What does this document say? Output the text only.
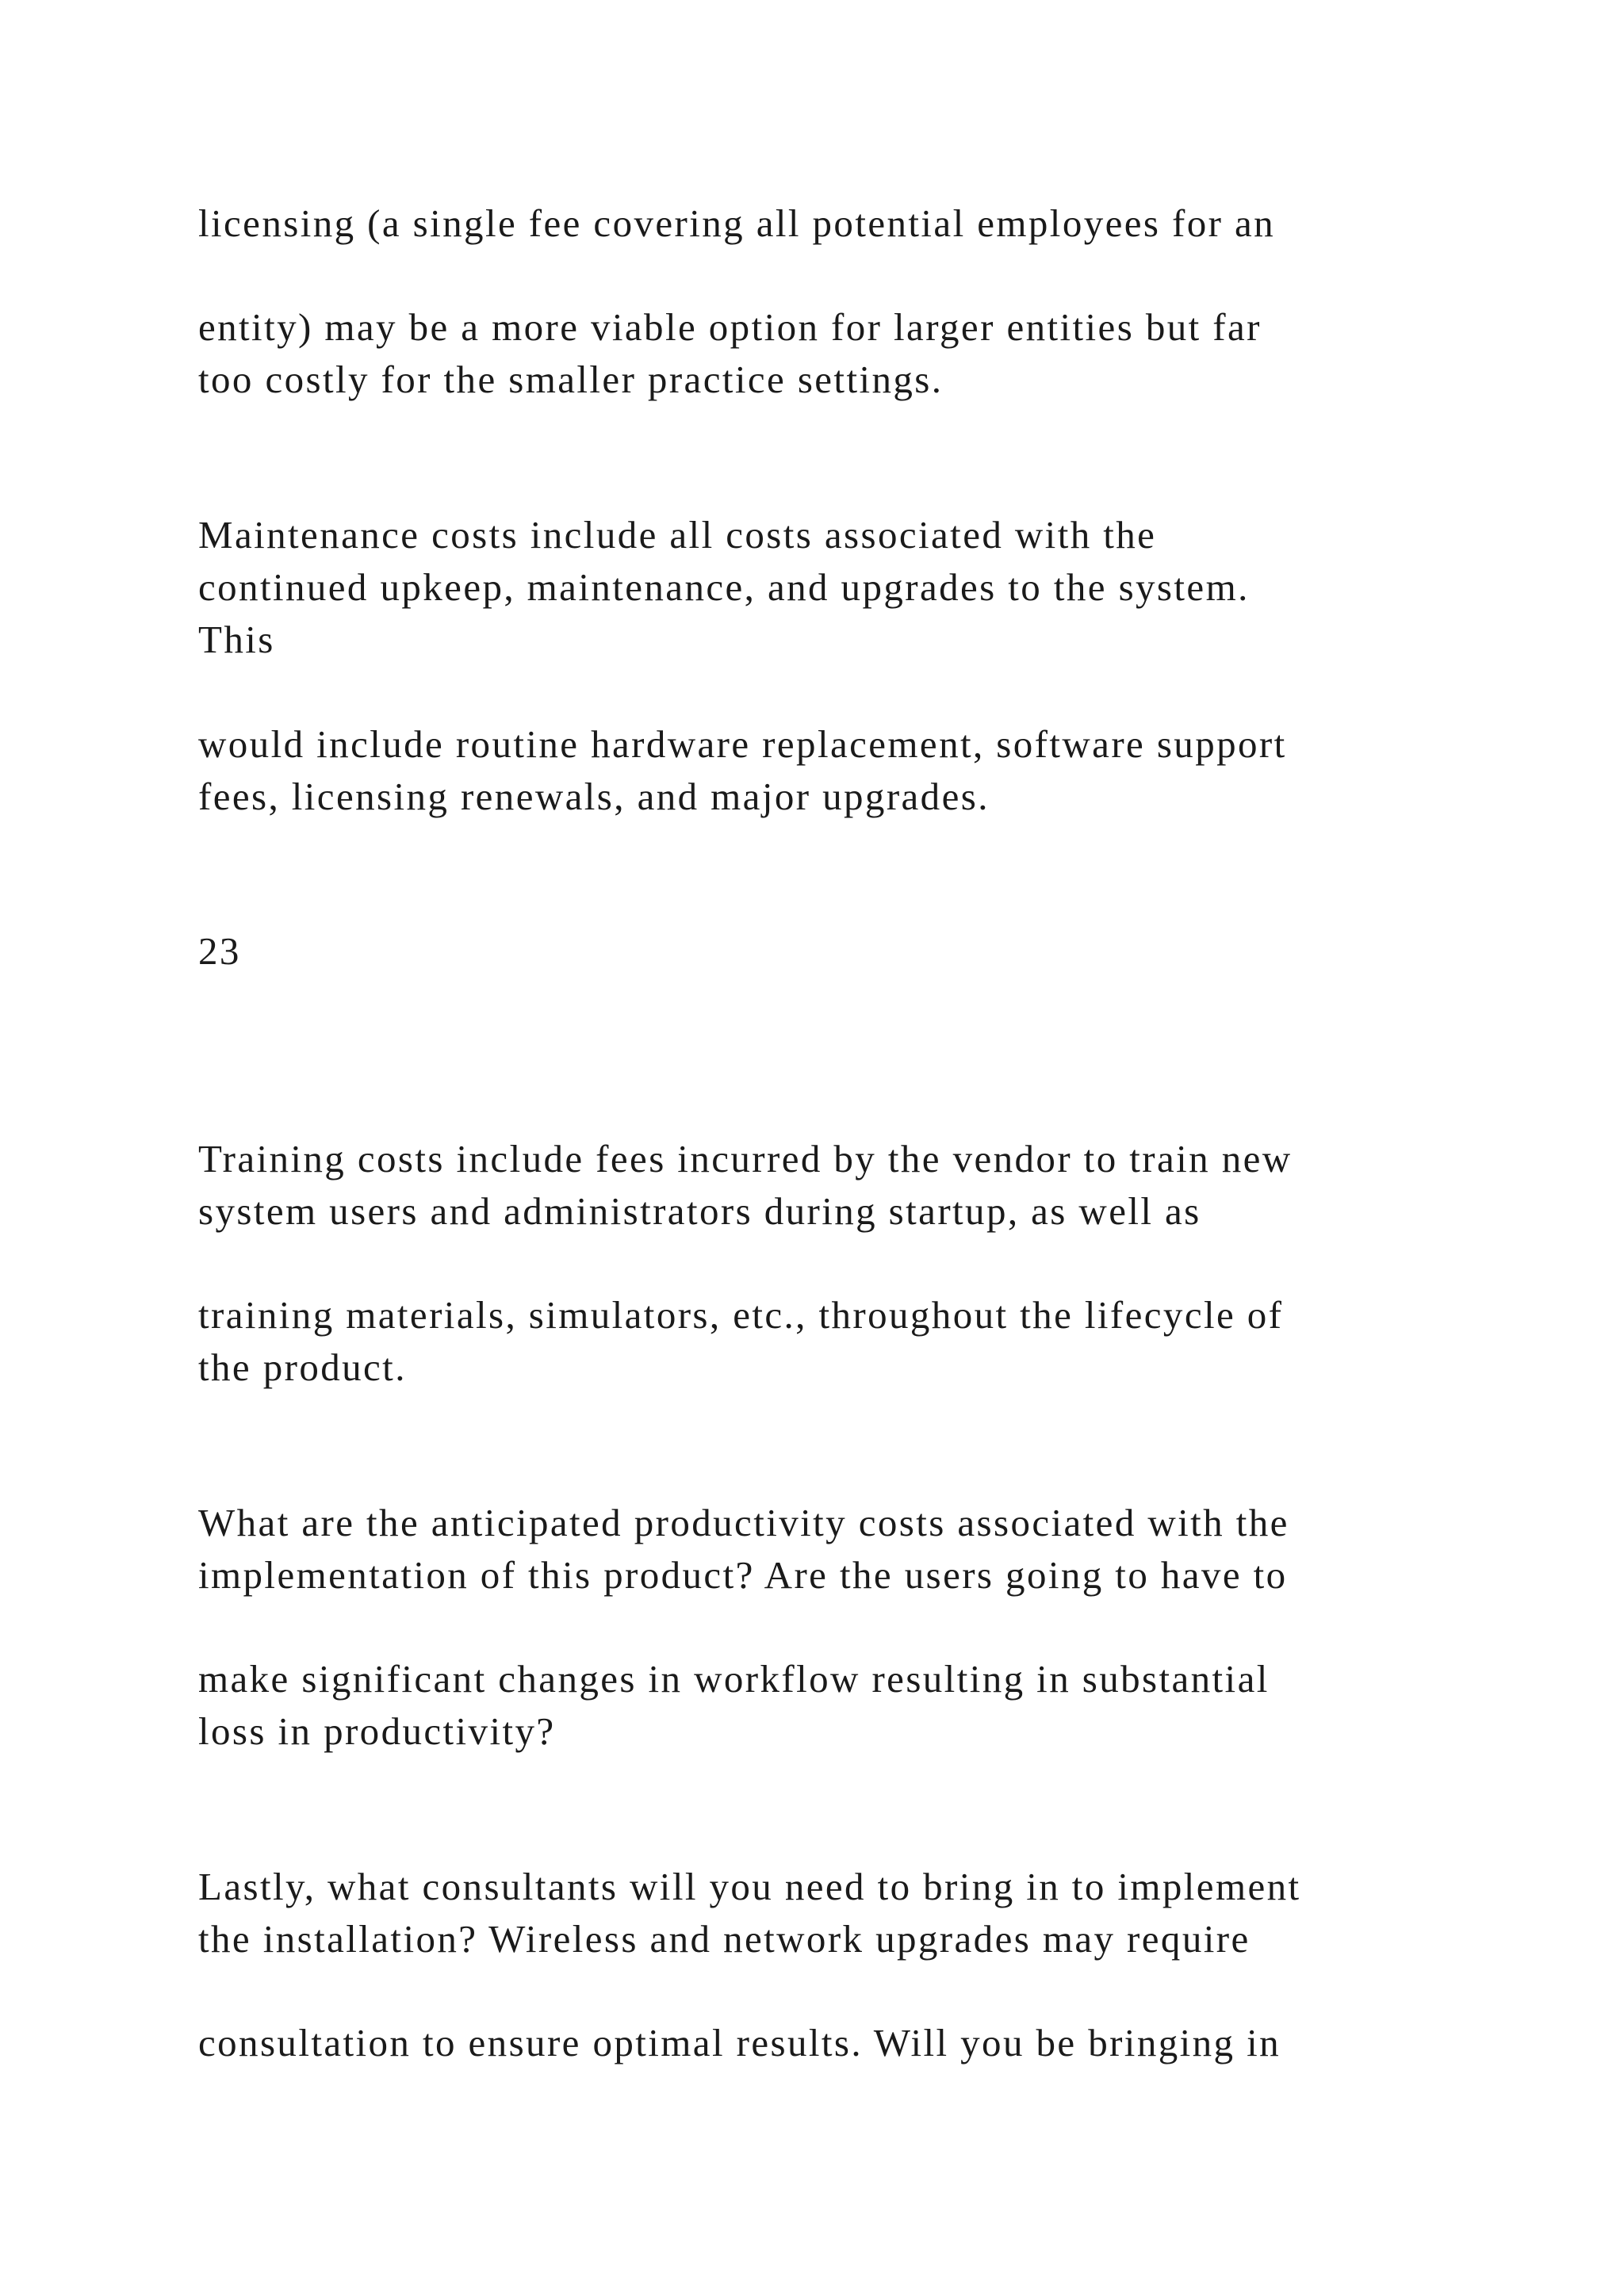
licensing (a single fee covering all potential employees for an
entity) may be a more viable option for larger entities but far
too costly for the smaller practice settings.
Maintenance costs include all costs associated with the
continued upkeep, maintenance, and upgrades to the system.
This
would include routine hardware replacement, software support
fees, licensing renewals, and major upgrades.
23
Training costs include fees incurred by the vendor to train new
system users and administrators during startup, as well as
training materials, simulators, etc., throughout the lifecycle of
the product.
What are the anticipated productivity costs associated with the
implementation of this product? Are the users going to have to
make significant changes in workflow resulting in substantial
loss in productivity?
Lastly, what consultants will you need to bring in to implement
the installation? Wireless and network upgrades may require
consultation to ensure optimal results. Will you be bringing in
